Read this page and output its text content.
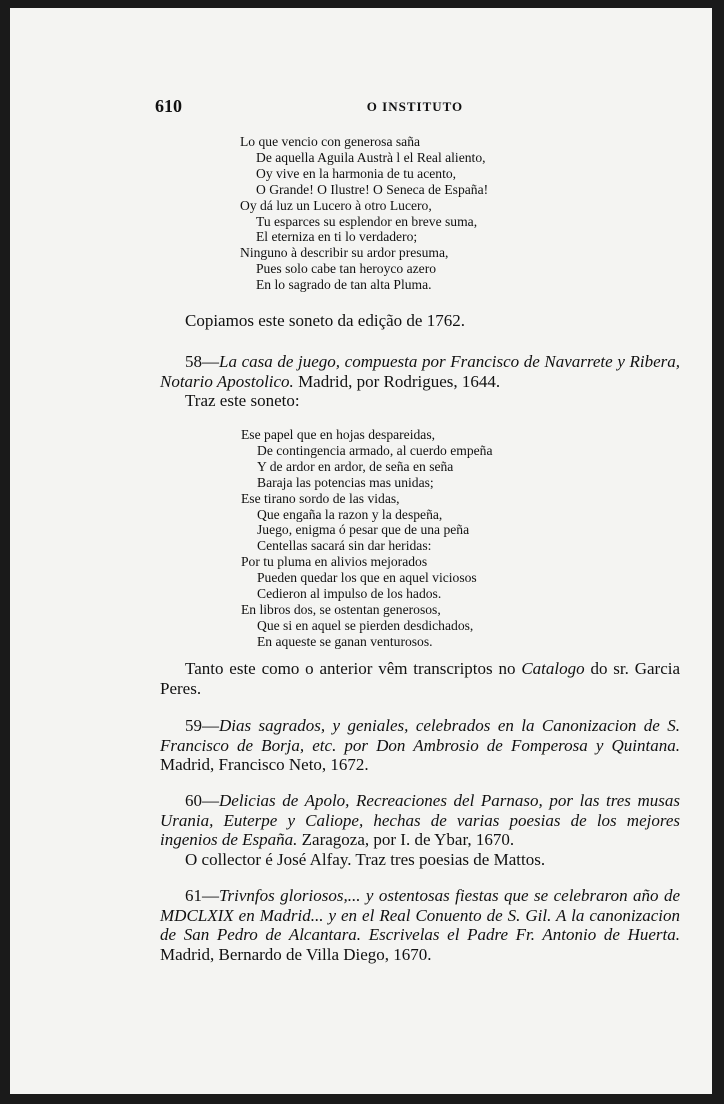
610	O INSTITUTO
Lo que vencio con generosa saña
De aquella Aguila Austrà l el Real aliento,
Oy vive en la harmonia de tu acento,
O Grande! O Ilustre! O Seneca de España!
Oy dá luz un Lucero à otro Lucero,
Tu esparces su esplendor en breve suma,
El eterniza en ti lo verdadero;
Ninguno à describir su ardor presuma,
Pues solo cabe tan heroyco azero
En lo sagrado de tan alta Pluma.
Copiamos este soneto da edição de 1762.
58—La casa de juego, compuesta por Francisco de Navarrete y Ribera, Notario Apostolico. Madrid, por Rodrigues, 1644.
Traz este soneto:
Ese papel que en hojas despareidas,
De contingencia armado, al cuerdo empeña
Y de ardor en ardor, de seña en seña
Baraja las potencias mas unidas;
Ese tirano sordo de las vidas,
Que engaña la razon y la despeña,
Juego, enigma ó pesar que de una peña
Centellas sacará sin dar heridas:
Por tu pluma en alivios mejorados
Pueden quedar los que en aquel viciosos
Cedieron al impulso de los hados.
En libros dos, se ostentan generosos,
Que si en aquel se pierden desdichados,
En aqueste se ganan venturosos.
Tanto este como o anterior vêm transcriptos no Catalogo do sr. Garcia Peres.
59—Dias sagrados, y geniales, celebrados en la Canonizacion de S. Francisco de Borja, etc. por Don Ambrosio de Fomperosa y Quintana. Madrid, Francisco Neto, 1672.
60—Delicias de Apolo, Recreaciones del Parnaso, por las tres musas Urania, Euterpe y Caliope, hechas de varias poesias de los mejores ingenios de España. Zaragoza, por I. de Ybar, 1670.
O collector é José Alfay. Traz tres poesias de Mattos.
61—Trivnfos gloriosos,... y ostentosas fiestas que se celebraron año de MDCLXIX en Madrid... y en el Real Conuento de S. Gil. A la canonizacion de San Pedro de Alcantara. Escrivelas el Padre Fr. Antonio de Huerta. Madrid, Bernardo de Villa Diego, 1670.
